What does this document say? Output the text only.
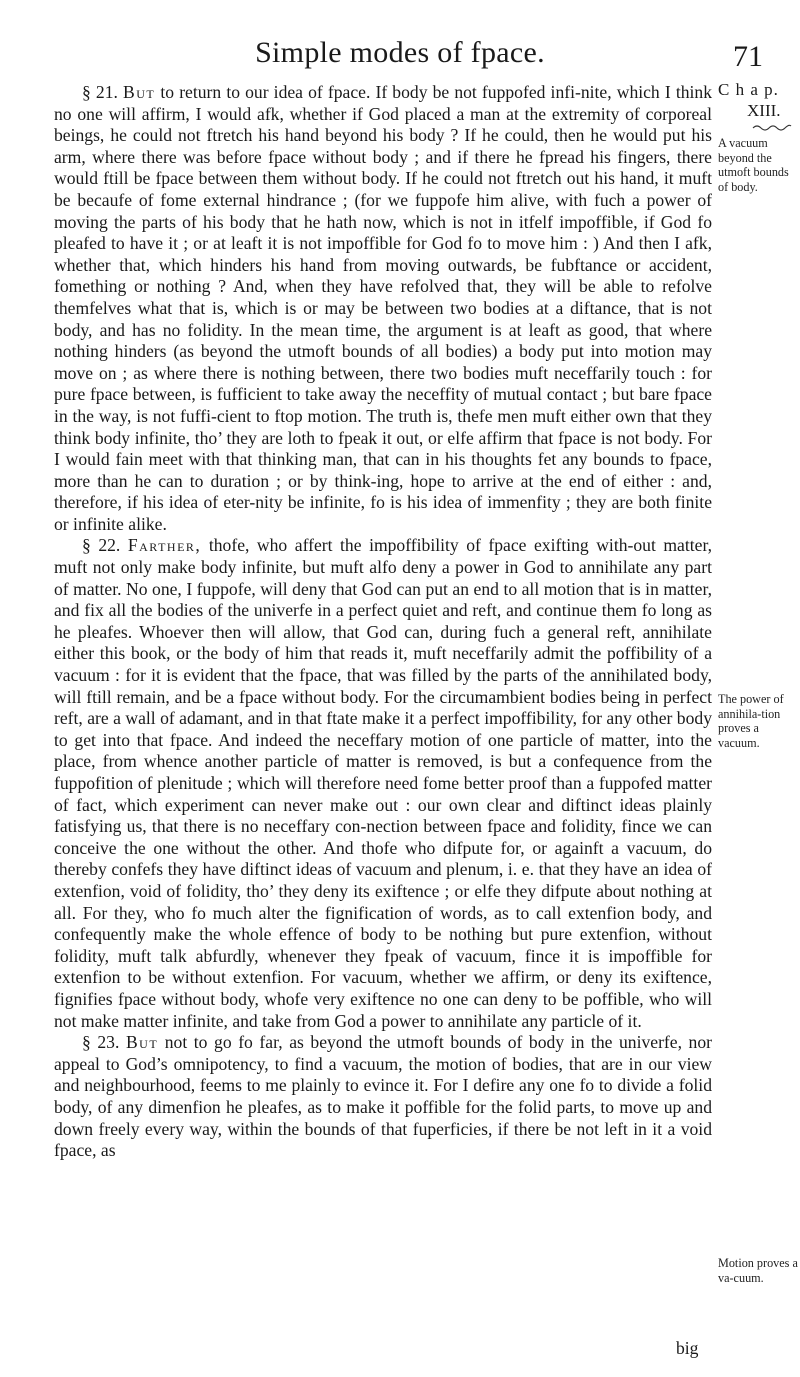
Simple modes of fpace.	71
C h a p.
XIII.
A vacuum beyond the utmoft bounds of body.
The power of annihila-tion proves a vacuum.
Motion proves a va-cuum.

§ 21. But to return to our idea of fpace. If body be not fuppofed infi-nite, which I think no one will affirm, I would afk, whether if God placed a man at the extremity of corporeal beings, he could not ftretch his hand beyond his body ? If he could, then he would put his arm, where there was before fpace without body ; and if there he fpread his fingers, there would ftill be fpace between them without body. If he could not ftretch out his hand, it muft be becaufe of fome external hindrance ; (for we fuppofe him alive, with fuch a power of moving the parts of his body that he hath now, which is not in itfelf impoffible, if God fo pleafed to have it ; or at leaft it is not impoffible for God fo to move him : ) And then I afk, whether that, which hinders his hand from moving outwards, be fubftance or accident, fomething or nothing ? And, when they have refolved that, they will be able to refolve themfelves what that is, which is or may be between two bodies at a diftance, that is not body, and has no folidity. In the mean time, the argument is at leaft as good, that where nothing hinders (as beyond the utmoft bounds of all bodies) a body put into motion may move on ; as where there is nothing between, there two bodies muft neceffarily touch : for pure fpace between, is fufficient to take away the neceffity of mutual contact ; but bare fpace in the way, is not fuffi-cient to ftop motion. The truth is, thefe men muft either own that they think body infinite, tho’ they are loth to fpeak it out, or elfe affirm that fpace is not body. For I would fain meet with that thinking man, that can in his thoughts fet any bounds to fpace, more than he can to duration ; or by think-ing, hope to arrive at the end of either : and, therefore, if his idea of eter-nity be infinite, fo is his idea of immenfity ; they are both finite or infinite alike.

§ 22. Farther, thofe, who affert the impoffibility of fpace exifting with-out matter, muft not only make body infinite, but muft alfo deny a power in God to annihilate any part of matter. No one, I fuppofe, will deny that God can put an end to all motion that is in matter, and fix all the bodies of the univerfe in a perfect quiet and reft, and continue them fo long as he pleafes. Whoever then will allow, that God can, during fuch a general reft, annihilate either this book, or the body of him that reads it, muft neceffarily admit the poffibility of a vacuum : for it is evident that the fpace, that was filled by the parts of the annihilated body, will ftill remain, and be a fpace without body. For the circumambient bodies being in perfect reft, are a wall of adamant, and in that ftate make it a perfect impoffibility, for any other body to get into that fpace. And indeed the neceffary motion of one particle of matter, into the place, from whence another particle of matter is removed, is but a confequence from the fuppofition of plenitude ; which will therefore need fome better proof than a fuppofed matter of fact, which experiment can never make out : our own clear and diftinct ideas plainly fatisfying us, that there is no neceffary con-nection between fpace and folidity, fince we can conceive the one without the other. And thofe who difpute for, or againft a vacuum, do thereby confefs they have diftinct ideas of vacuum and plenum, i. e. that they have an idea of extenfion, void of folidity, tho’ they deny its exiftence ; or elfe they difpute about nothing at all. For they, who fo much alter the fignification of words, as to call extenfion body, and confequently make the whole effence of body to be nothing but pure extenfion, without folidity, muft talk abfurdly, whenever they fpeak of vacuum, fince it is impoffible for extenfion to be without extenfion. For vacuum, whether we affirm, or deny its exiftence, fignifies fpace without body, whofe very exiftence no one can deny to be poffible, who will not make matter infinite, and take from God a power to annihilate any particle of it.

§ 23. But not to go fo far, as beyond the utmoft bounds of body in the univerfe, nor appeal to God’s omnipotency, to find a vacuum, the motion of bodies, that are in our view and neighbourhood, feems to me plainly to evince it. For I defire any one fo to divide a folid body, of any dimenfion he pleafes, as to make it poffible for the folid parts, to move up and down freely every way, within the bounds of that fuperficies, if there be not left in it a void fpace, as

big
